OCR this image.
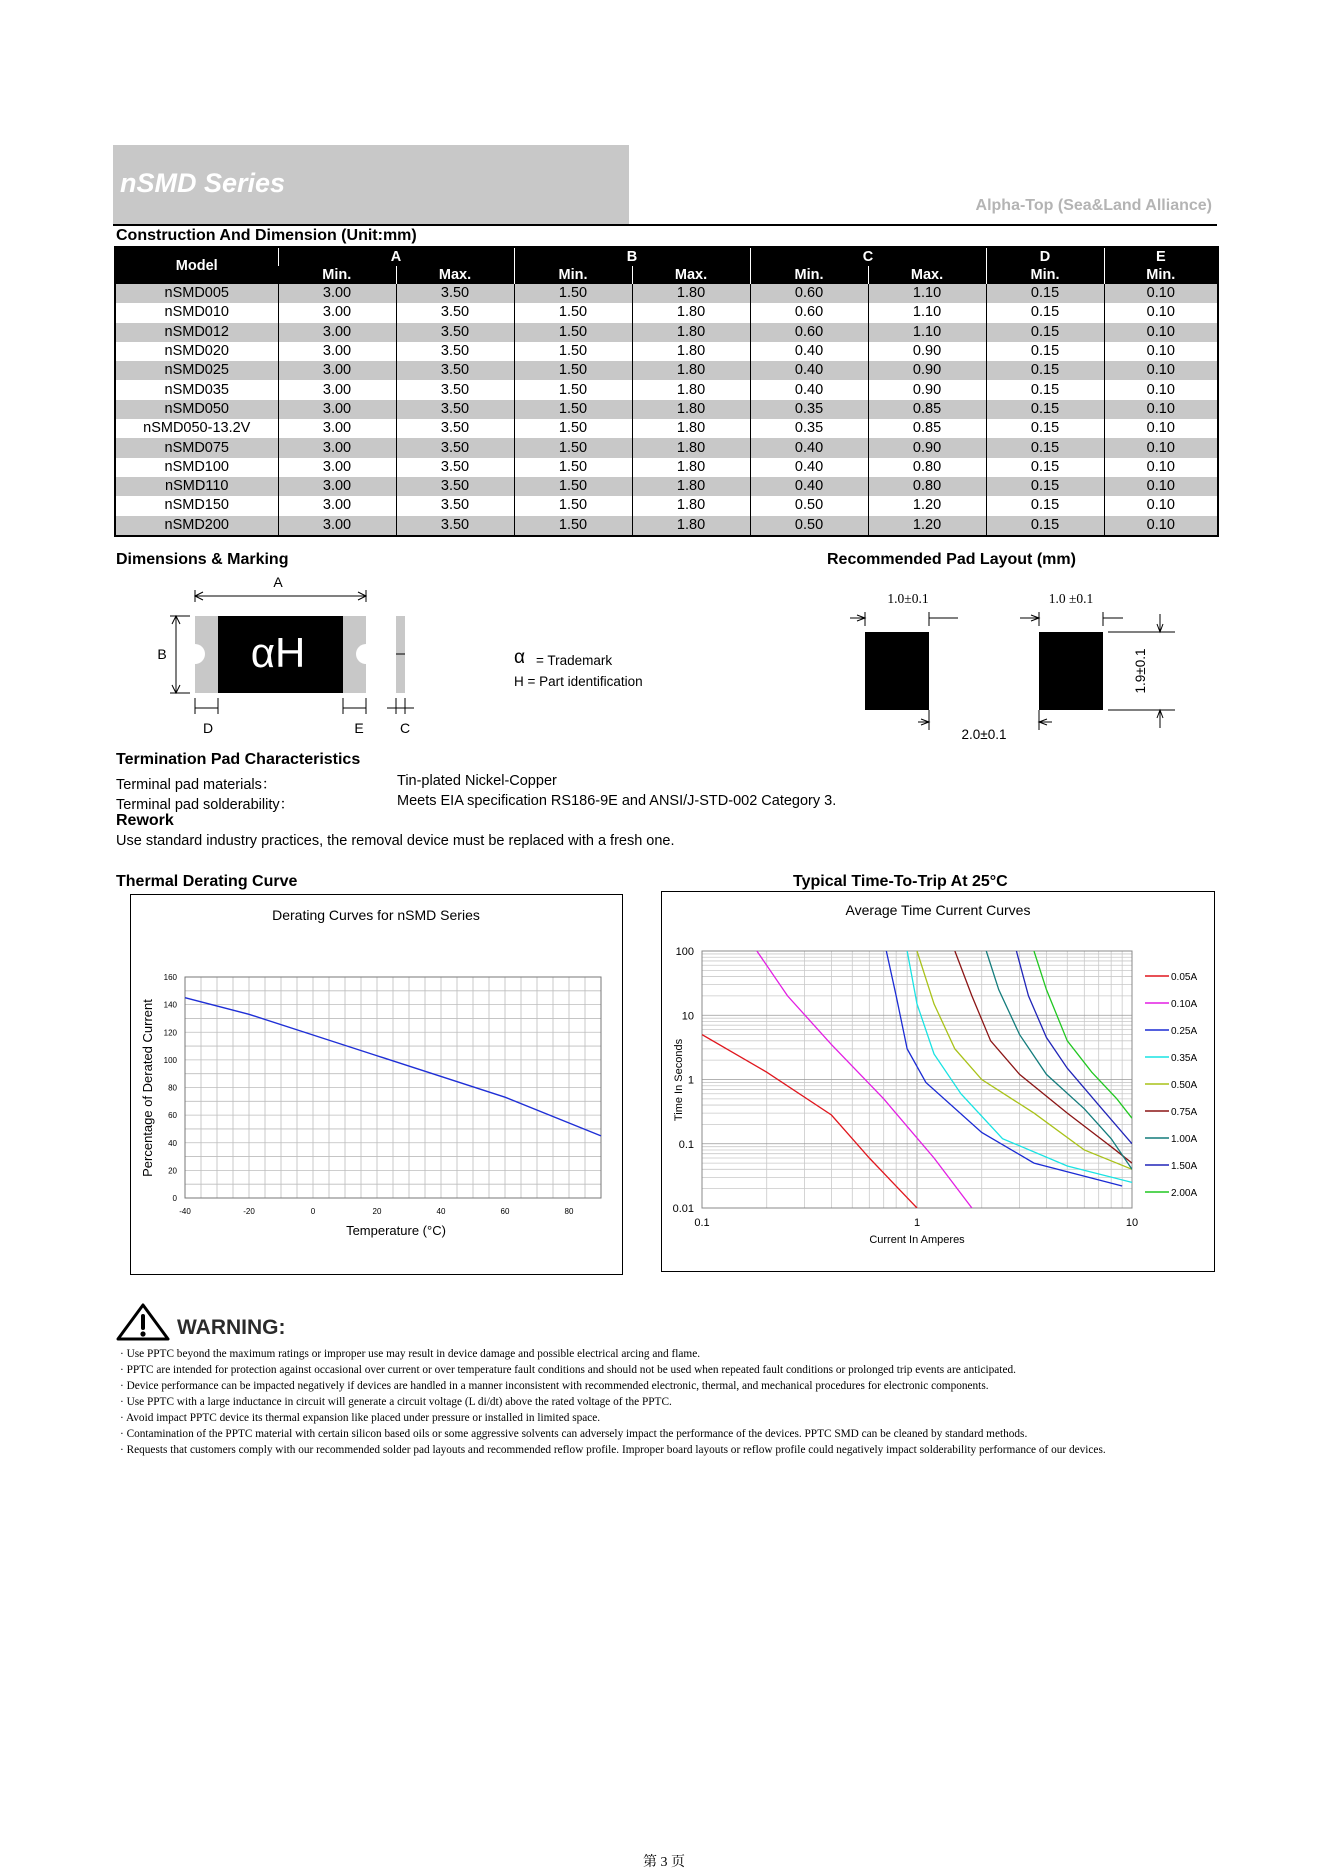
nSMD Series
Alpha-Top (Sea&Land Alliance)
Construction And Dimension (Unit:mm)
Model	A		B		C		D	E
	Min.	Max.	Min.	Max.	Min.	Max.	Min.	Min.
nSMD005	3.00	3.50	1.50	1.80	0.60	1.10	0.15	0.10
nSMD010	3.00	3.50	1.50	1.80	0.60	1.10	0.15	0.10
nSMD012	3.00	3.50	1.50	1.80	0.60	1.10	0.15	0.10
nSMD020	3.00	3.50	1.50	1.80	0.40	0.90	0.15	0.10
nSMD025	3.00	3.50	1.50	1.80	0.40	0.90	0.15	0.10
nSMD035	3.00	3.50	1.50	1.80	0.40	0.90	0.15	0.10
nSMD050	3.00	3.50	1.50	1.80	0.35	0.85	0.15	0.10
nSMD050-13.2V	3.00	3.50	1.50	1.80	0.35	0.85	0.15	0.10
nSMD075	3.00	3.50	1.50	1.80	0.40	0.90	0.15	0.10
nSMD100	3.00	3.50	1.50	1.80	0.40	0.80	0.15	0.10
nSMD110	3.00	3.50	1.50	1.80	0.40	0.80	0.15	0.10
nSMD150	3.00	3.50	1.50	1.80	0.50	1.20	0.15	0.10
nSMD200	3.00	3.50	1.50	1.80	0.50	1.20	0.15	0.10
Dimensions & Marking
αH
A
B
D	E	C
α = Trademark
H = Part identification
Recommended Pad Layout (mm)
1.0±0.1	1.0 ±0.1
2.0±0.1
1.9±0.1
Termination Pad Characteristics
Terminal pad materials：	Tin-plated Nickel-Copper
Terminal pad solderability：	Meets EIA specification RS186-9E and ANSI/J-STD-002 Category 3.
Rework
Use standard industry practices, the removal device must be replaced with a fresh one.
Thermal Derating Curve	Typical Time-To-Trip At 25°C
Derating Curves for nSMD Series
-40	-20	0	20	40	60	80
0
20
40
60
80
100
120
140
160
Temperature (°C)
Percentage of Derated Current
Average Time Current Curves
0.1	1	10
0.01
0.1
1
10
100
Current In Amperes
Time In Seconds
0.05A
0.10A
0.25A
0.35A
0.50A
0.75A
1.00A
1.50A
2.00A
WARNING:
· Use PPTC beyond the maximum ratings or improper use may result in device damage and possible electrical arcing and flame.
· PPTC are intended for protection against occasional over current or over temperature fault conditions and should not be used when repeated fault conditions or prolonged trip events are anticipated.
· Device performance can be impacted negatively if devices are handled in a manner inconsistent with recommended electronic, thermal, and mechanical procedures for electronic components.
· Use PPTC with a large inductance in circuit will generate a circuit voltage (L di/dt) above the rated voltage of the PPTC.
· Avoid impact PPTC device its thermal expansion like placed under pressure or installed in limited space.
· Contamination of the PPTC material with certain silicon based oils or some aggressive solvents can adversely impact the performance of the devices. PPTC SMD can be cleaned by standard methods.
· Requests that customers comply with our recommended solder pad layouts and recommended reflow profile. Improper board layouts or reflow profile could negatively impact solderability performance of our devices.
第 3 页
